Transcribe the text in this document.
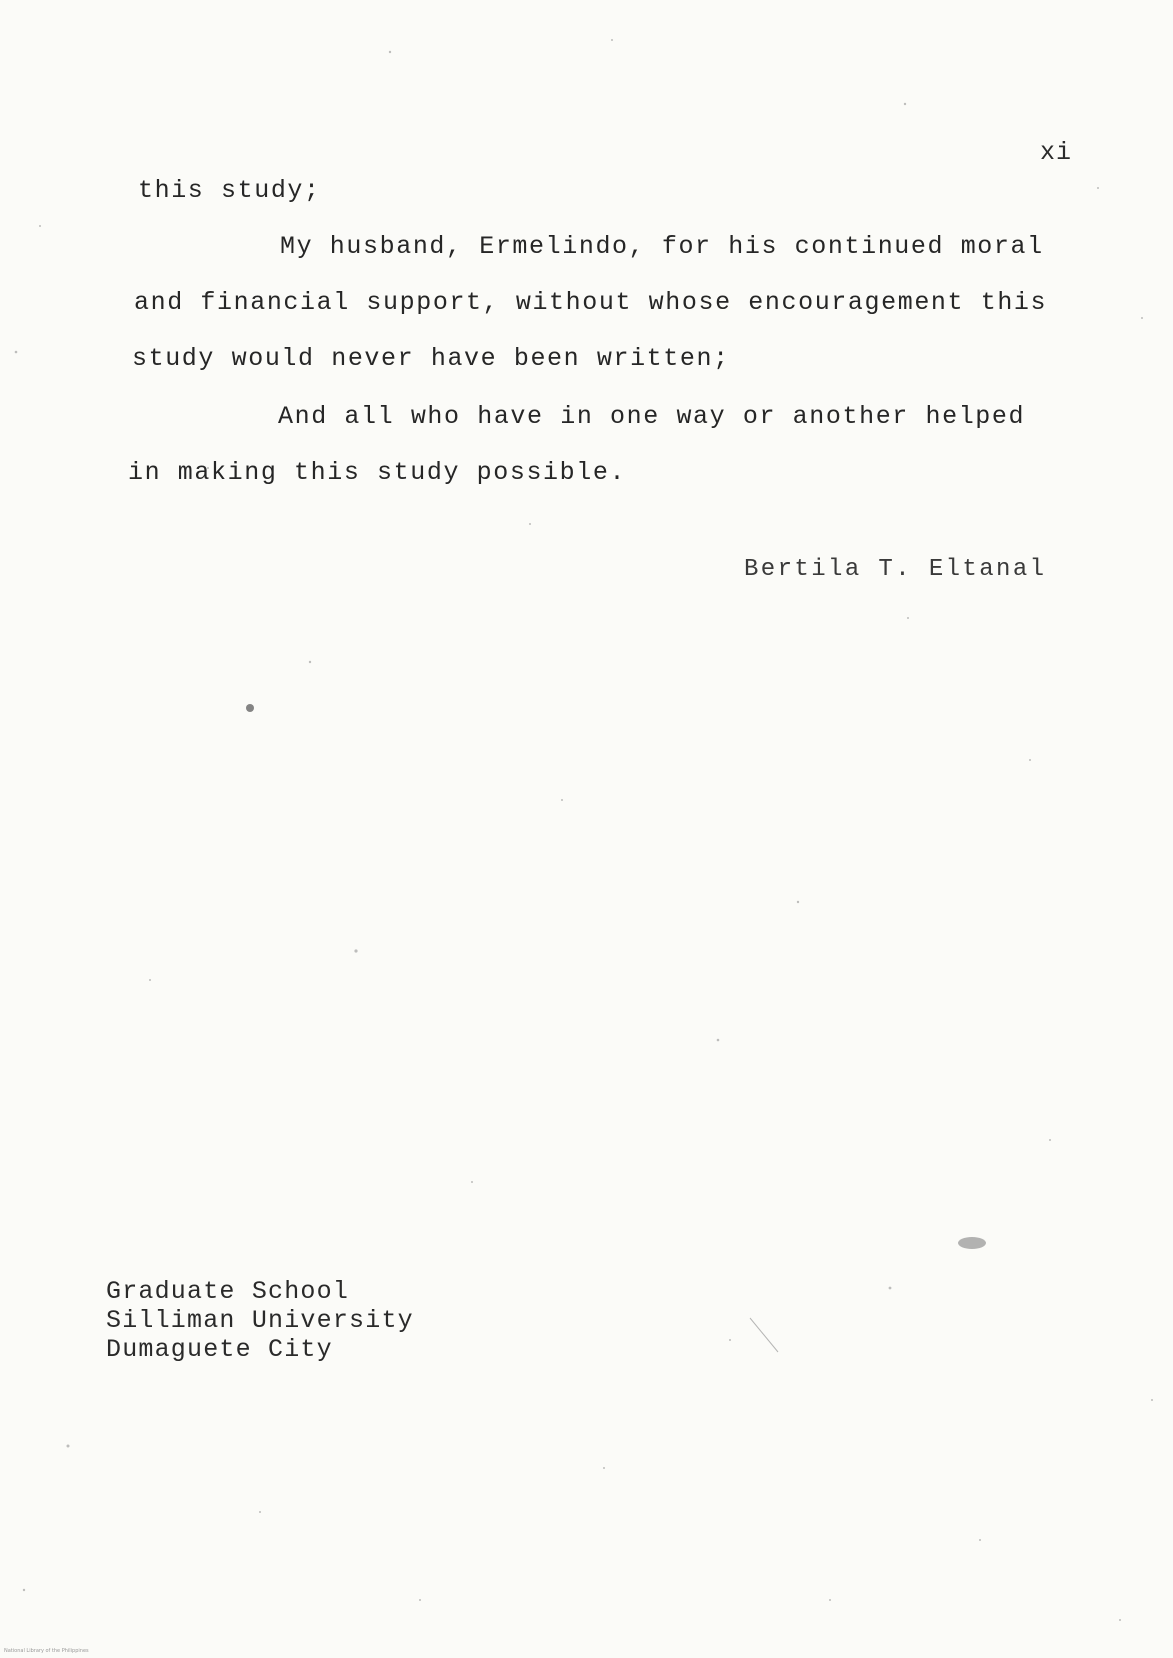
xi
this study;
My husband, Ermelindo, for his continued moral
and financial support, without whose encouragement this
study would never have been written;
And all who have in one way or another helped
in making this study possible.
Bertila T. Eltanal
Graduate School
Silliman University
Dumaguete City
National Library of the Philippines
